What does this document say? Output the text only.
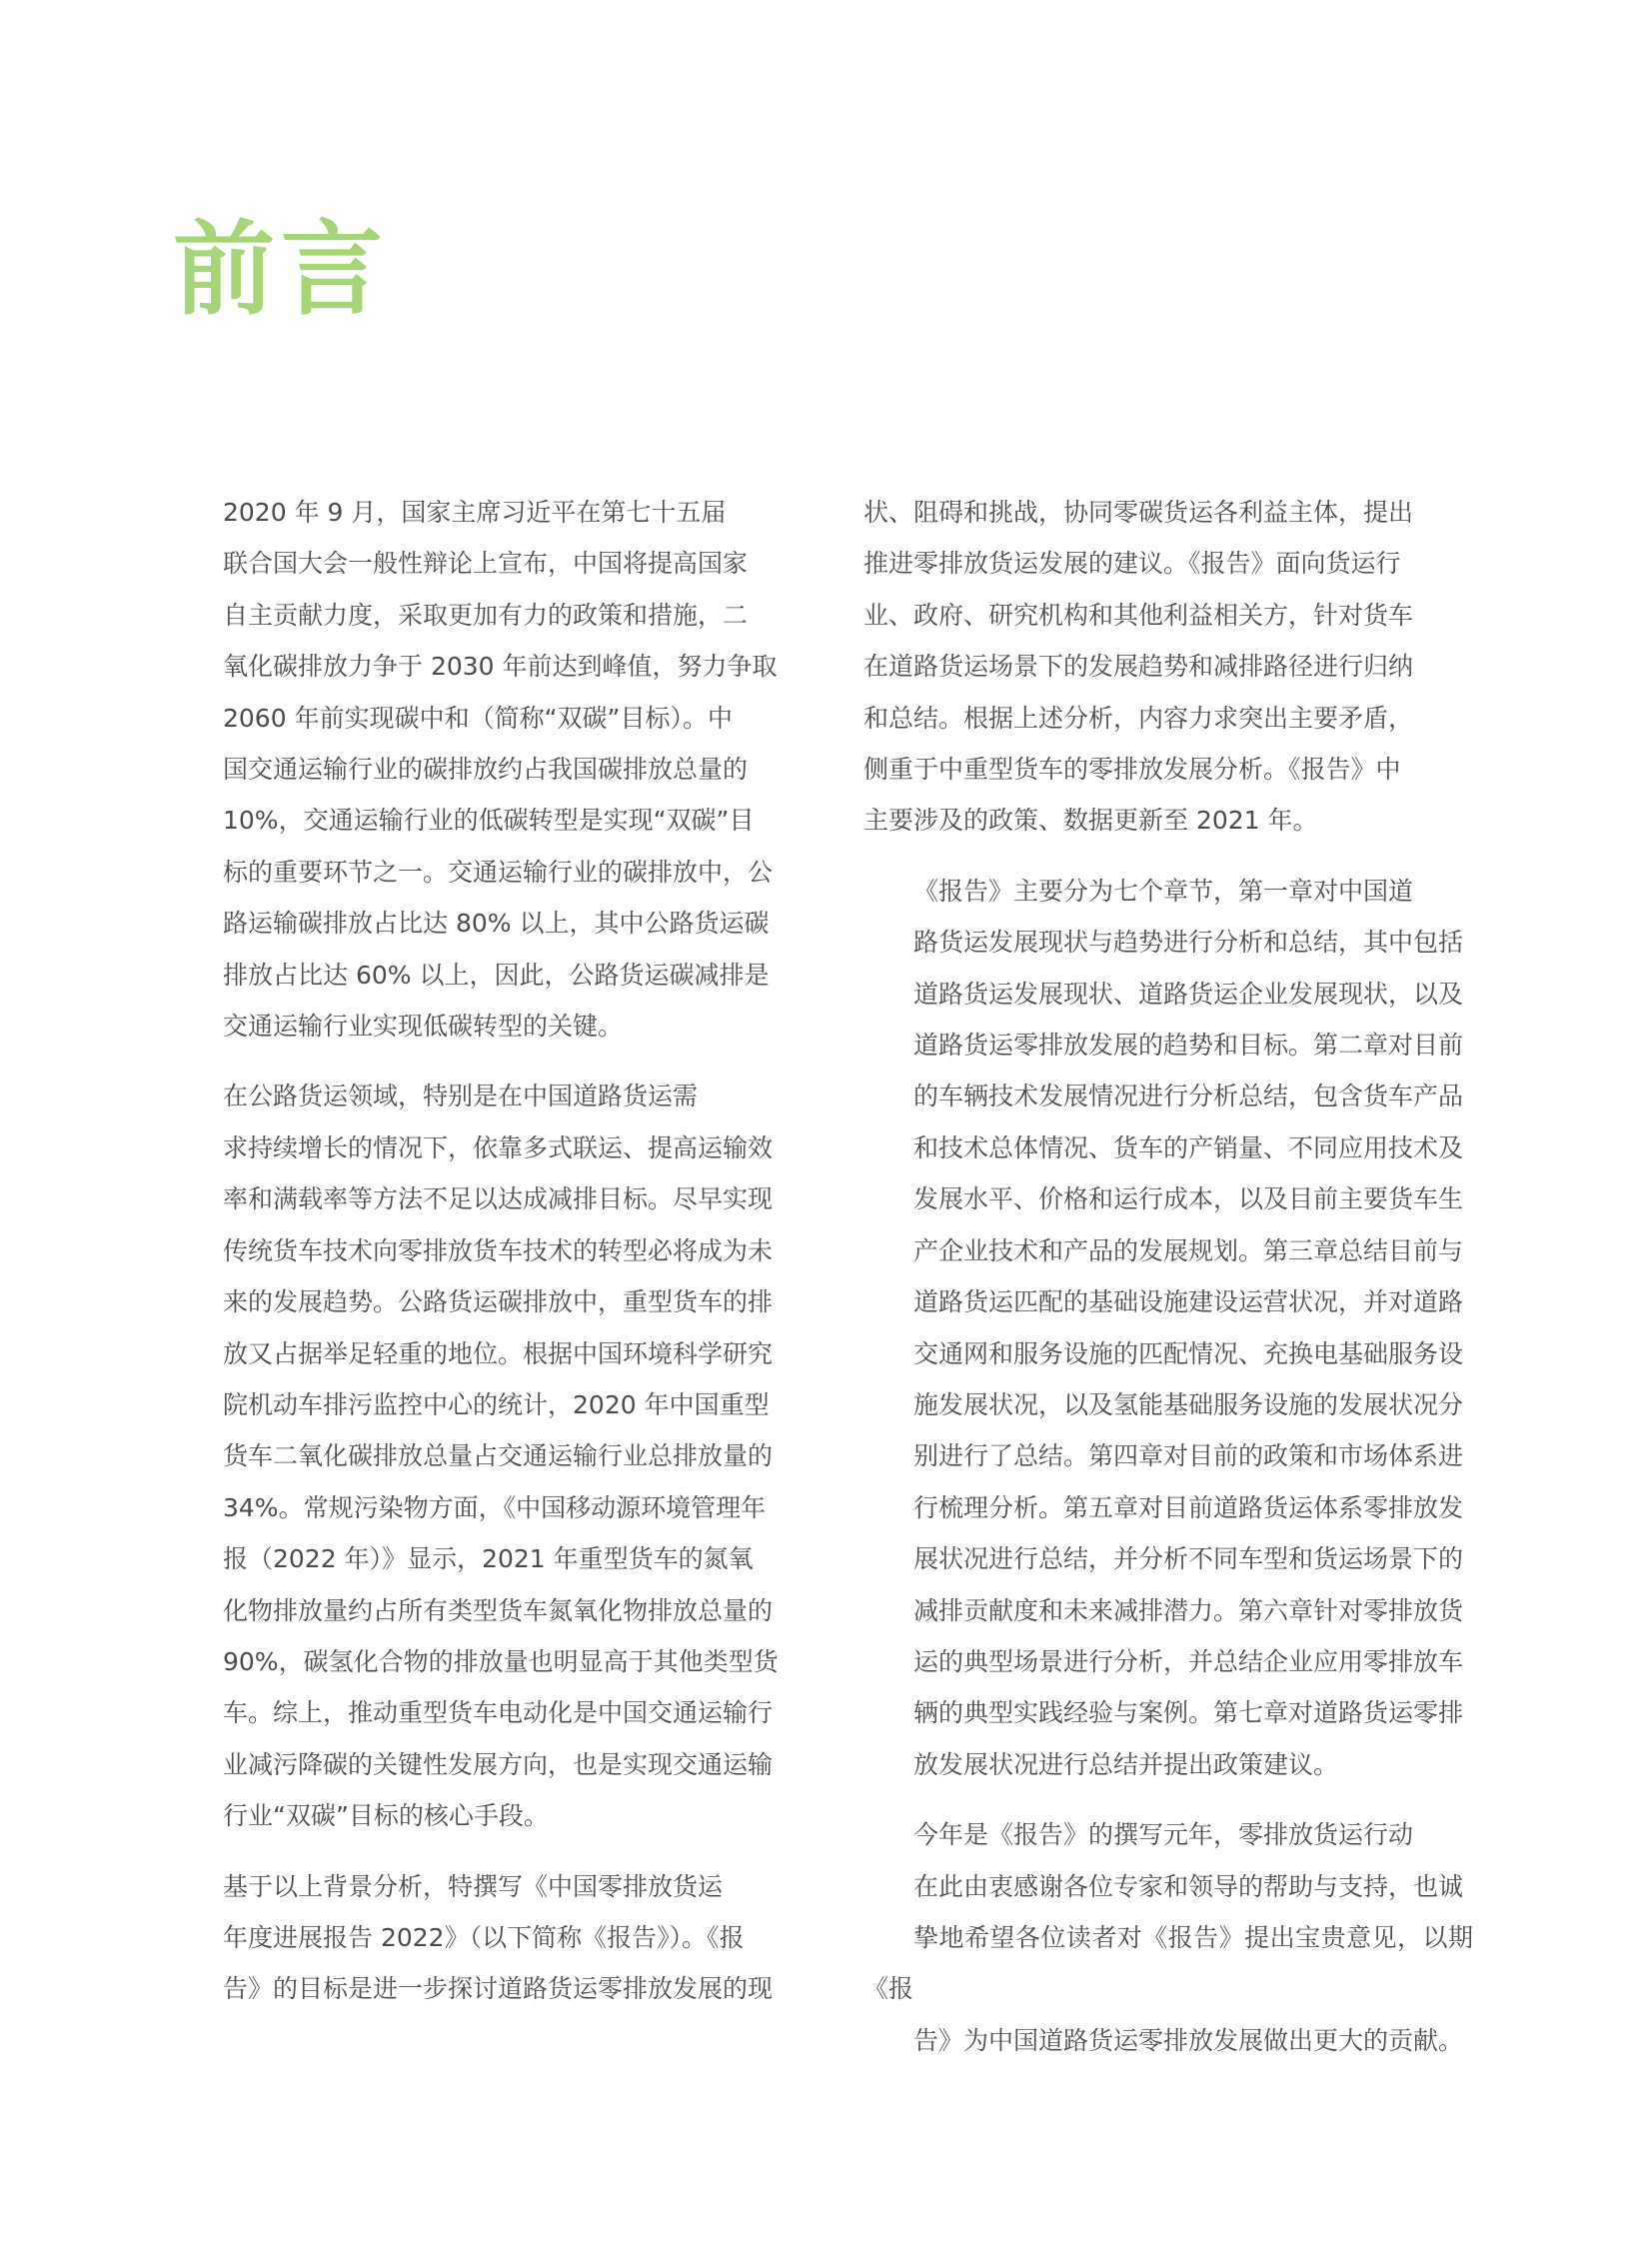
前言

2020 年 9 月，国家主席习近平在第七十五届
联合国大会一般性辩论上宣布，中国将提高国家
自主贡献力度，采取更加有力的政策和措施，二
氧化碳排放力争于 2030 年前达到峰值，努力争取
2060 年前实现碳中和（简称“双碳”目标）。中
国交通运输行业的碳排放约占我国碳排放总量的
10%，交通运输行业的低碳转型是实现“双碳”目
标的重要环节之一。交通运输行业的碳排放中，公
路运输碳排放占比达 80% 以上，其中公路货运碳
排放占比达 60% 以上，因此，公路货运碳减排是
交通运输行业实现低碳转型的关键。

在公路货运领域，特别是在中国道路货运需
求持续增长的情况下，依靠多式联运、提高运输效
率和满载率等方法不足以达成减排目标。尽早实现
传统货车技术向零排放货车技术的转型必将成为未
来的发展趋势。公路货运碳排放中，重型货车的排
放又占据举足轻重的地位。根据中国环境科学研究
院机动车排污监控中心的统计，2020 年中国重型
货车二氧化碳排放总量占交通运输行业总排放量的
34%。常规污染物方面，《中国移动源环境管理年
报（2022 年）》显示，2021 年重型货车的氮氧
化物排放量约占所有类型货车氮氧化物排放总量的
90%，碳氢化合物的排放量也明显高于其他类型货
车。综上，推动重型货车电动化是中国交通运输行
业减污降碳的关键性发展方向，也是实现交通运输
行业“双碳”目标的核心手段。

基于以上背景分析，特撰写《中国零排放货运
年度进展报告 2022》（以下简称《报告》）。《报
告》的目标是进一步探讨道路货运零排放发展的现

状、阻碍和挑战，协同零碳货运各利益主体，提出
推进零排放货运发展的建议。《报告》面向货运行
业、政府、研究机构和其他利益相关方，针对货车
在道路货运场景下的发展趋势和减排路径进行归纳
和总结。根据上述分析，内容力求突出主要矛盾，
侧重于中重型货车的零排放发展分析。《报告》中
主要涉及的政策、数据更新至 2021 年。

《报告》主要分为七个章节，第一章对中国道
路货运发展现状与趋势进行分析和总结，其中包括
道路货运发展现状、道路货运企业发展现状，以及
道路货运零排放发展的趋势和目标。第二章对目前
的车辆技术发展情况进行分析总结，包含货车产品
和技术总体情况、货车的产销量、不同应用技术及
发展水平、价格和运行成本，以及目前主要货车生
产企业技术和产品的发展规划。第三章总结目前与
道路货运匹配的基础设施建设运营状况，并对道路
交通网和服务设施的匹配情况、充换电基础服务设
施发展状况，以及氢能基础服务设施的发展状况分
别进行了总结。第四章对目前的政策和市场体系进
行梳理分析。第五章对目前道路货运体系零排放发
展状况进行总结，并分析不同车型和货运场景下的
减排贡献度和未来减排潜力。第六章针对零排放货
运的典型场景进行分析，并总结企业应用零排放车
辆的典型实践经验与案例。第七章对道路货运零排
放发展状况进行总结并提出政策建议。

今年是《报告》的撰写元年，零排放货运行动
在此由衷感谢各位专家和领导的帮助与支持，也诚
挚地希望各位读者对《报告》提出宝贵意见，以期《报
告》为中国道路货运零排放发展做出更大的贡献。
